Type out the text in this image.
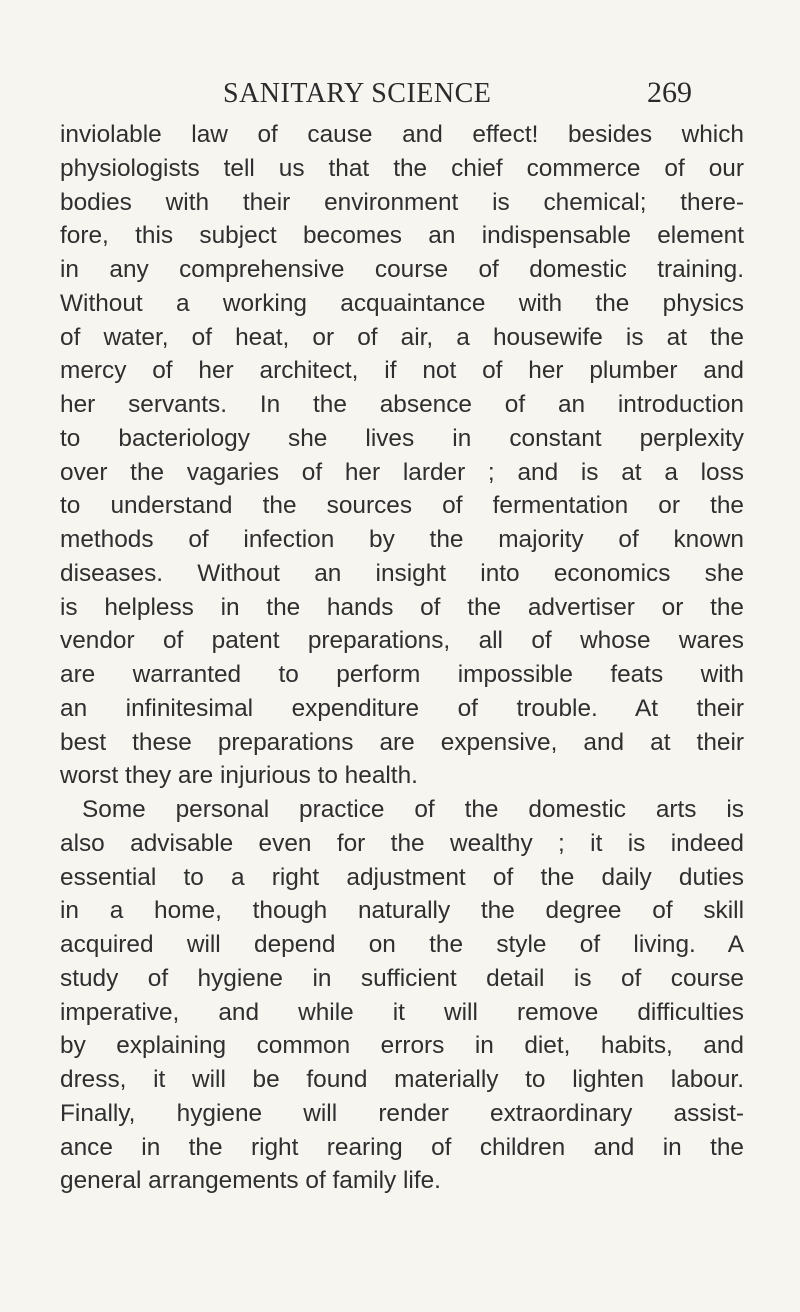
SANITARY SCIENCE	269
inviolable law of cause and effect! besides which
physiologists tell us that the chief commerce of our
bodies with their environment is chemical; there-
fore, this subject becomes an indispensable element
in any comprehensive course of domestic training.
Without a working acquaintance with the physics
of water, of heat, or of air, a housewife is at the
mercy of her architect, if not of her plumber and
her servants. In the absence of an introduction
to bacteriology she lives in constant perplexity
over the vagaries of her larder ; and is at a loss
to understand the sources of fermentation or the
methods of infection by the majority of known
diseases. Without an insight into economics she
is helpless in the hands of the advertiser or the
vendor of patent preparations, all of whose wares
are warranted to perform impossible feats with
an infinitesimal expenditure of trouble. At their
best these preparations are expensive, and at their
worst they are injurious to health.
Some personal practice of the domestic arts is
also advisable even for the wealthy ; it is indeed
essential to a right adjustment of the daily duties
in a home, though naturally the degree of skill
acquired will depend on the style of living. A
study of hygiene in sufficient detail is of course
imperative, and while it will remove difficulties
by explaining common errors in diet, habits, and
dress, it will be found materially to lighten labour.
Finally, hygiene will render extraordinary assist-
ance in the right rearing of children and in the
general arrangements of family life.
